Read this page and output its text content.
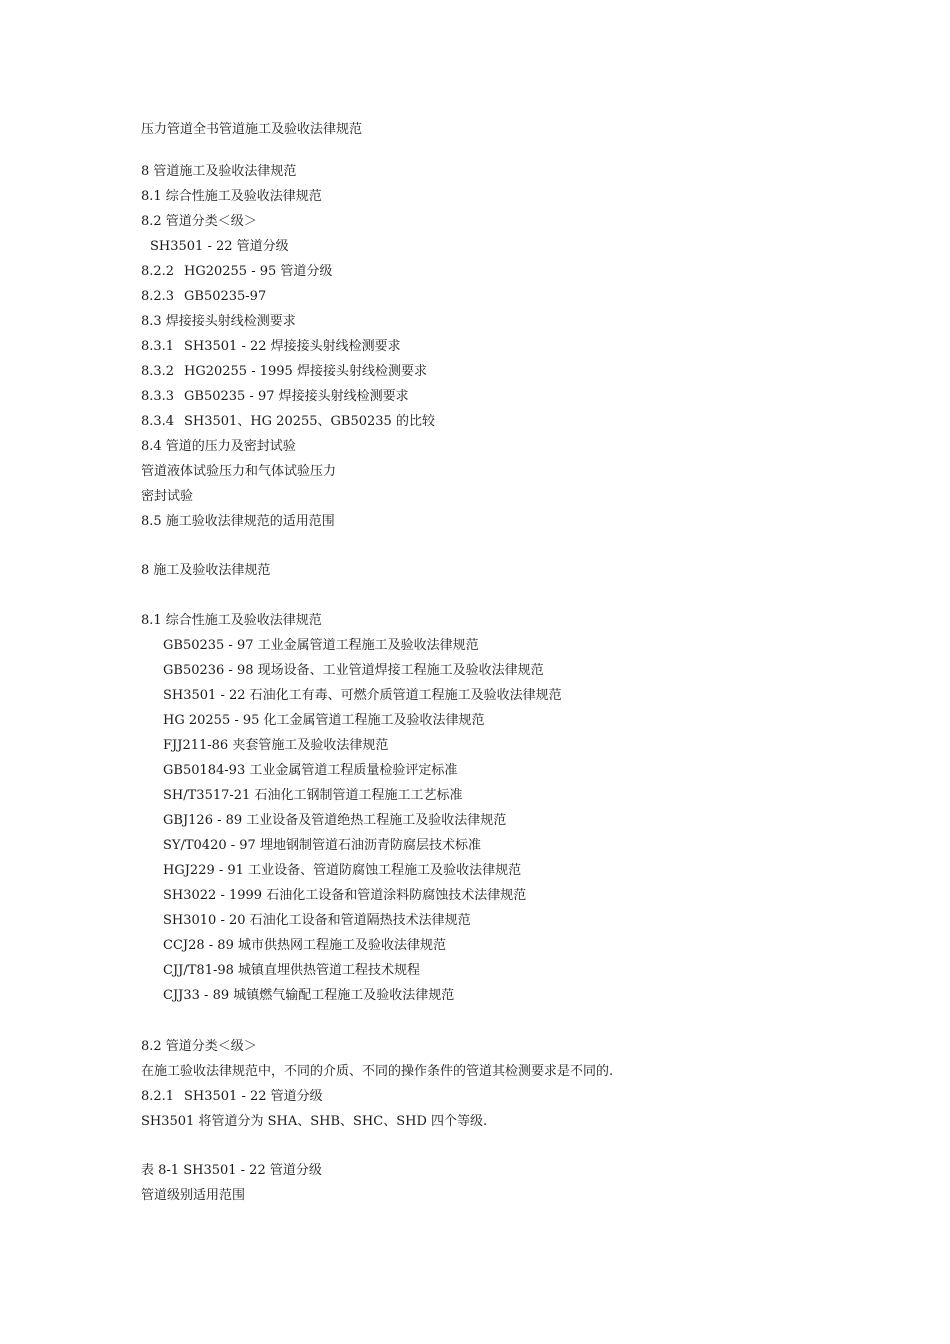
压力管道全书管道施工及验收法律规范
8 管道施工及验收法律规范
8.1 综合性施工及验收法律规范
8.2 管道分类＜级＞
SH3501 - 22 管道分级
8.2.2 HG20255 - 95 管道分级
8.2.3 GB50235-97
8.3 焊接接头射线检测要求
8.3.1 SH3501 - 22 焊接接头射线检测要求
8.3.2 HG20255 - 1995 焊接接头射线检测要求
8.3.3 GB50235 - 97 焊接接头射线检测要求
8.3.4 SH3501、HG 20255、GB50235 的比较
8.4 管道的压力及密封试验
管道液体试验压力和气体试验压力
密封试验
8.5 施工验收法律规范的适用范围
8 施工及验收法律规范
8.1 综合性施工及验收法律规范
GB50235 - 97 工业金属管道工程施工及验收法律规范
GB50236 - 98 现场设备、工业管道焊接工程施工及验收法律规范
SH3501 - 22 石油化工有毒、可燃介质管道工程施工及验收法律规范
HG 20255 - 95 化工金属管道工程施工及验收法律规范
FJJ211-86 夹套管施工及验收法律规范
GB50184-93 工业金属管道工程质量检验评定标准
SH/T3517-21 石油化工钢制管道工程施工工艺标准
GBJ126 - 89 工业设备及管道绝热工程施工及验收法律规范
SY/T0420 - 97 埋地钢制管道石油沥青防腐层技术标准
HGJ229 - 91 工业设备、管道防腐蚀工程施工及验收法律规范
SH3022 - 1999 石油化工设备和管道涂料防腐蚀技术法律规范
SH3010 - 20 石油化工设备和管道隔热技术法律规范
CCJ28 - 89 城市供热网工程施工及验收法律规范
CJJ/T81-98 城镇直埋供热管道工程技术规程
CJJ33 - 89 城镇燃气输配工程施工及验收法律规范
8.2 管道分类＜级＞
在施工验收法律规范中，不同的介质、不同的操作条件的管道其检测要求是不同的.
8.2.1 SH3501 - 22 管道分级
SH3501 将管道分为 SHA、SHB、SHC、SHD 四个等级.
表 8-1 SH3501 - 22 管道分级
管道级别适用范围
